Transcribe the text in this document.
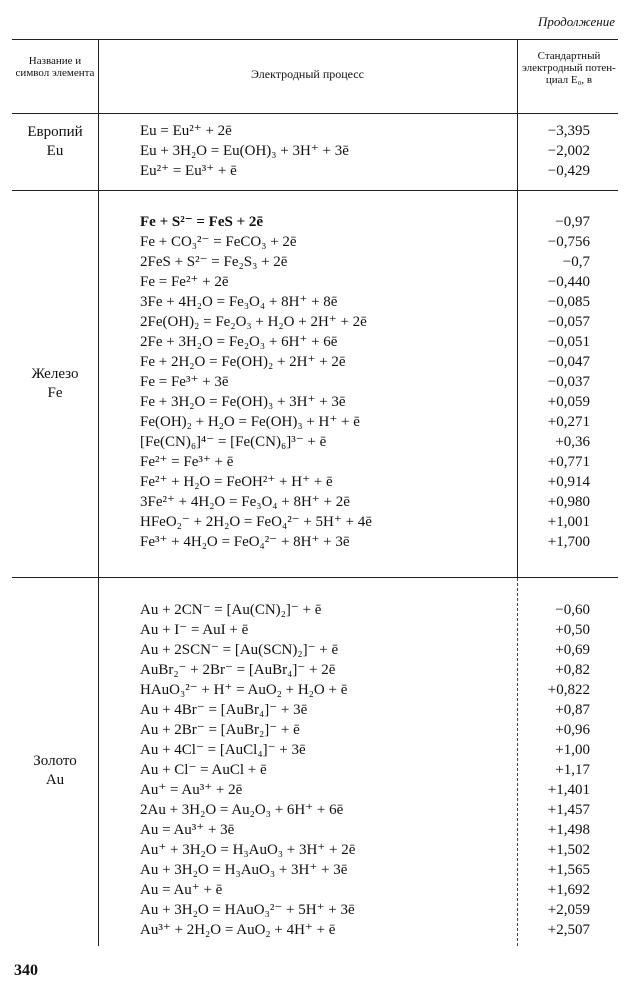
Продолжение
Название и символ элемента	Электродный процесс
Стандартный электродный потен-циал E₀, в
Европий
Eu
Eu = Eu²⁺ + 2ē
Eu + 3H₂O = Eu(OH)₃ + 3H⁺ + 3ē
Eu²⁺ = Eu³⁺ + ē
−3,395
−2,002
−0,429
Железо
Fe
Fe + S²⁻ = FeS + 2ē
Fe + CO₃²⁻ = FeCO₃ + 2ē
2FeS + S²⁻ = Fe₂S₃ + 2ē
Fe = Fe²⁺ + 2ē
3Fe + 4H₂O = Fe₃O₄ + 8H⁺ + 8ē
2Fe(OH)₂ = Fe₂O₃ + H₂O + 2H⁺ + 2ē
2Fe + 3H₂O = Fe₂O₃ + 6H⁺ + 6ē
Fe + 2H₂O = Fe(OH)₂ + 2H⁺ + 2ē
Fe = Fe³⁺ + 3ē
Fe + 3H₂O = Fe(OH)₃ + 3H⁺ + 3ē
Fe(OH)₂ + H₂O = Fe(OH)₃ + H⁺ + ē
[Fe(CN)₆]⁴⁻ = [Fe(CN)₆]³⁻ + ē
Fe²⁺ = Fe³⁺ + ē
Fe²⁺ + H₂O = FeOH²⁺ + H⁺ + ē
3Fe²⁺ + 4H₂O = Fe₃O₄ + 8H⁺ + 2ē
HFeO₂⁻ + 2H₂O = FeO₄²⁻ + 5H⁺ + 4ē
Fe³⁺ + 4H₂O = FeO₄²⁻ + 8H⁺ + 3ē
−0,97
−0,756
−0,7
−0,440
−0,085
−0,057
−0,051
−0,047
−0,037
+0,059
+0,271
+0,36
+0,771
+0,914
+0,980
+1,001
+1,700
Золото
Au
Au + 2CN⁻ = [Au(CN)₂]⁻ + ē
Au + I⁻ = AuI + ē
Au + 2SCN⁻ = [Au(SCN)₂]⁻ + ē
AuBr₂⁻ + 2Br⁻ = [AuBr₄]⁻ + 2ē
HAuO₃²⁻ + H⁺ = AuO₂ + H₂O + ē
Au + 4Br⁻ = [AuBr₄]⁻ + 3ē
Au + 2Br⁻ = [AuBr₂]⁻ + ē
Au + 4Cl⁻ = [AuCl₄]⁻ + 3ē
Au + Cl⁻ = AuCl + ē
Au⁺ = Au³⁺ + 2ē
2Au + 3H₂O = Au₂O₃ + 6H⁺ + 6ē
Au = Au³⁺ + 3ē
Au⁺ + 3H₂O = H₃AuO₃ + 3H⁺ + 2ē
Au + 3H₂O = H₃AuO₃ + 3H⁺ + 3ē
Au = Au⁺ + ē
Au + 3H₂O = HAuO₃²⁻ + 5H⁺ + 3ē
Au³⁺ + 2H₂O = AuO₂ + 4H⁺ + ē
−0,60
+0,50
+0,69
+0,82
+0,822
+0,87
+0,96
+1,00
+1,17
+1,401
+1,457
+1,498
+1,502
+1,565
+1,692
+2,059
+2,507
340
